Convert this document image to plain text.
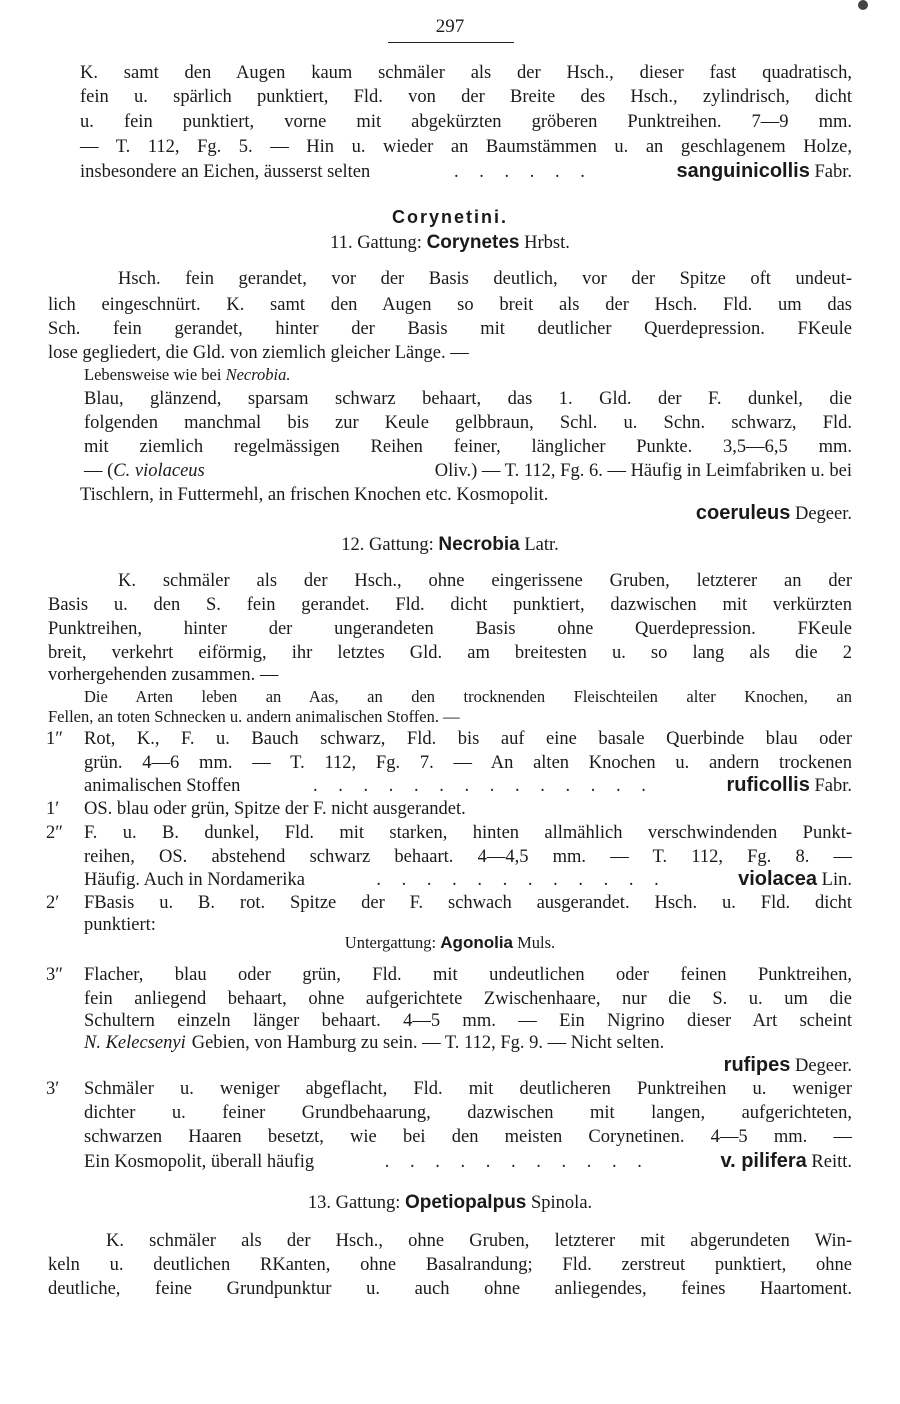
297
K. samt den Augen kaum schmäler als der Hsch., dieser fast quadratisch,
fein u. spärlich punktiert, Fld. von der Breite des Hsch., zylindrisch, dicht
u. fein punktiert, vorne mit abgekürzten gröberen Punktreihen. 7—9 mm.
— T. 112, Fg. 5. — Hin u. wieder an Baumstämmen u. an geschlagenem Holze,
insbesondere an Eichen, äusserst selten	. . . . . .	sanguinicollis Fabr.
Corynetini.
11. Gattung: Corynetes Hrbst.
Hsch. fein gerandet, vor der Basis deutlich, vor der Spitze oft undeut-
lich eingeschnürt. K. samt den Augen so breit als der Hsch. Fld. um das
Sch. fein gerandet, hinter der Basis mit deutlicher Querdepression. FKeule
lose gegliedert, die Gld. von ziemlich gleicher Länge. —
Lebensweise wie bei Necrobia.
Blau, glänzend, sparsam schwarz behaart, das 1. Gld. der F. dunkel, die
folgenden manchmal bis zur Keule gelbbraun, Schl. u. Schn. schwarz, Fld.
mit ziemlich regelmässigen Reihen feiner, länglicher Punkte. 3,5—6,5 mm.
— (C. violaceus	Oliv.) — T. 112, Fg. 6. — Häufig in Leimfabriken u. bei
Tischlern, in Futtermehl, an frischen Knochen etc. Kosmopolit.
coeruleus Degeer.
12. Gattung: Necrobia Latr.
K. schmäler als der Hsch., ohne eingerissene Gruben, letzterer an der
Basis u. den S. fein gerandet. Fld. dicht punktiert, dazwischen mit verkürzten
Punktreihen, hinter der ungerandeten Basis ohne Querdepression. FKeule
breit, verkehrt eiförmig, ihr letztes Gld. am breitesten u. so lang als die 2
vorhergehenden zusammen. —
Die Arten leben an Aas, an den trocknenden Fleischteilen alter Knochen, an
Fellen, an toten Schnecken u. andern animalischen Stoffen. —
1″	Rot, K., F. u. Bauch schwarz, Fld. bis auf eine basale Querbinde blau oder
grün. 4—6 mm. — T. 112, Fg. 7. — An alten Knochen u. andern trockenen
animalischen Stoffen	. . . . . . . . . . . . . .	ruficollis Fabr.
1′	OS. blau oder grün, Spitze der F. nicht ausgerandet.
2″	F. u. B. dunkel, Fld. mit starken, hinten allmählich verschwindenden Punkt-
reihen, OS. abstehend schwarz behaart. 4—4,5 mm. — T. 112, Fg. 8. —
Häufig. Auch in Nordamerika	. . . . . . . . . . . .	violacea Lin.
2′	FBasis u. B. rot. Spitze der F. schwach ausgerandet. Hsch. u. Fld. dicht
punktiert:
Untergattung: Agonolia Muls.
3″	Flacher, blau oder grün, Fld. mit undeutlichen oder feinen Punktreihen,
fein anliegend behaart, ohne aufgerichtete Zwischenhaare, nur die S. u. um die
Schultern einzeln länger behaart. 4—5 mm. — Ein Nigrino dieser Art scheint
N. Kelecsenyi Gebien, von Hamburg zu sein. — T. 112, Fg. 9. — Nicht selten.
rufipes Degeer.
3′	Schmäler u. weniger abgeflacht, Fld. mit deutlicheren Punktreihen u. weniger
dichter u. feiner Grundbehaarung, dazwischen mit langen, aufgerichteten,
schwarzen Haaren besetzt, wie bei den meisten Corynetinen. 4—5 mm. —
Ein Kosmopolit, überall häufig	. . . . . . . . . . .	v. pilifera Reitt.
13. Gattung: Opetiopalpus Spinola.
K. schmäler als der Hsch., ohne Gruben, letzterer mit abgerundeten Win-
keln u. deutlichen RKanten, ohne Basalrandung; Fld. zerstreut punktiert, ohne
deutliche, feine Grundpunktur u. auch ohne anliegendes, feines Haartoment.
